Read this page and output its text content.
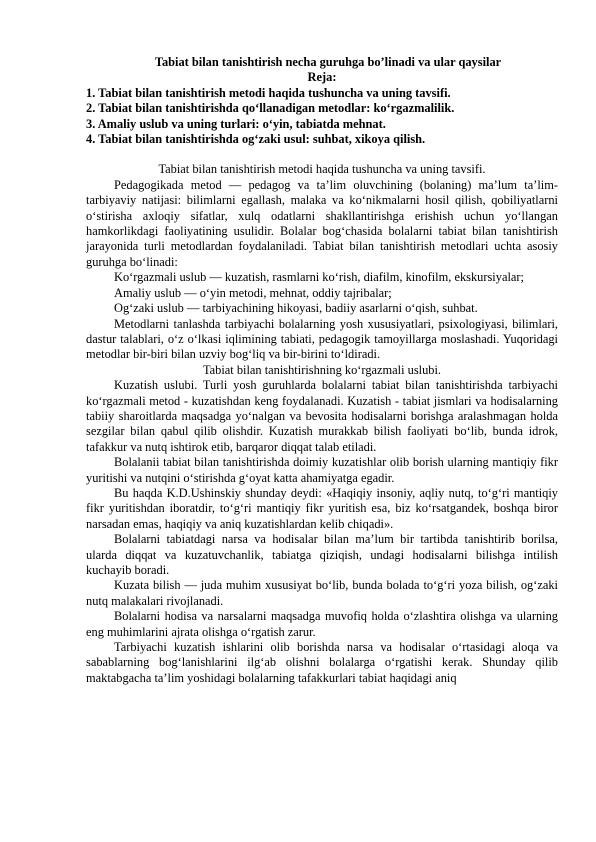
Tabiat bilan tanishtirish necha guruhga bo’linadi va ular qaysilar

Reja:

1. Tabiat bilan tanishtirish metodi haqida tushuncha va uning tavsifi.
2. Tabiat bilan tanishtirishda qo‘llanadigan metodlar: ko‘rgazmalilik.
3. Amaliy uslub va uning turlari: o‘yin, tabiatda mehnat.
4. Tabiat bilan tanishtirishda og‘zaki usul: suhbat, xikoya qilish.

Tabiat bilan tanishtirish metodi haqida tushuncha va uning tavsifi.

Pedagogikada metod — pedagog va ta’lim oluvchining (bolaning) ma’lum ta’lim-tarbiyaviy natijasi: bilimlarni egallash, malaka va ko‘nikmalarni hosil qilish, qobiliyatlarni o‘stirisha axloqiy sifatlar, xulq odatlarni shakllantirishga erishish uchun yo‘llangan hamkorlikdagi faoliyatining usulidir. Bolalar bog‘chasida bolalarni tabiat bilan tanishtirish jarayonida turli metodlardan foydalaniladi. Tabiat bilan tanishtirish metodlari uchta asosiy guruhga bo‘linadi:

Ko‘rgazmali uslub — kuzatish, rasmlarni ko‘rish, diafilm, kinofilm, ekskursiyalar;

Amaliy uslub — o‘yin metodi, mehnat, oddiy tajribalar;

Og‘zaki uslub — tarbiyachining hikoyasi, badiiy asarlarni o‘qish, suhbat.

Metodlarni tanlashda tarbiyachi bolalarning yosh xususiyatlari, psixologiyasi, bilimlari, dastur talablari, o‘z o‘lkasi iqlimining tabiati, pedagogik tamoyillarga moslashadi. Yuqoridagi metodlar bir-biri bilan uzviy bog‘liq va bir-birini to‘ldiradi.

Tabiat bilan tanishtirishning ko‘rgazmali uslubi.

Kuzatish uslubi. Turli yosh guruhlarda bolalarni tabiat bilan tanishtirishda tarbiyachi ko‘rgazmali metod - kuzatishdan keng foydalanadi. Kuzatish - tabiat jismlari va hodisalarning tabiiy sharoitlarda maqsadga yo‘nalgan va bevosita hodisalarni borishga aralashmagan holda sezgilar bilan qabul qilib olishdir. Kuzatish murakkab bilish faoliyati bo‘lib, bunda idrok, tafakkur va nutq ishtirok etib, barqaror diqqat talab etiladi.

Bolalanii tabiat bilan tanishtirishda doimiy kuzatishlar olib borish ularning mantiqiy fikr yuritishi va nutqini o‘stirishda g‘oyat katta ahamiyatga egadir.

Bu haqda K.D.Ushinskiy shunday deydi: «Haqiqiy insoniy, aqliy nutq, to‘g‘ri mantiqiy fikr yuritishdan iboratdir, to‘g‘ri mantiqiy fikr yuritish esa, biz ko‘rsatgandek, boshqa biror narsadan emas, haqiqiy va aniq kuzatishlardan kelib chiqadi».

Bolalarni tabiatdagi narsa va hodisalar bilan ma’lum bir tartibda tanishtirib borilsa, ularda diqqat va kuzatuvchanlik, tabiatga qiziqish, undagi hodisalarni bilishga intilish kuchayib boradi.

Kuzata bilish — juda muhim xususiyat bo‘lib, bunda bolada to‘g‘ri yoza bilish, og‘zaki nutq malakalari rivojlanadi.

Bolalarni hodisa va narsalarni maqsadga muvofiq holda o‘zlashtira olishga va ularning eng muhimlarini ajrata olishga o‘rgatish zarur.

Tarbiyachi kuzatish ishlarini olib borishda narsa va hodisalar o‘rtasidagi aloqa va sabablarning bog‘lanishlarini ilg‘ab olishni bolalarga o‘rgatishi kerak. Shunday qilib maktabgacha ta’lim yoshidagi bolalarning tafakkurlari tabiat haqidagi aniq
